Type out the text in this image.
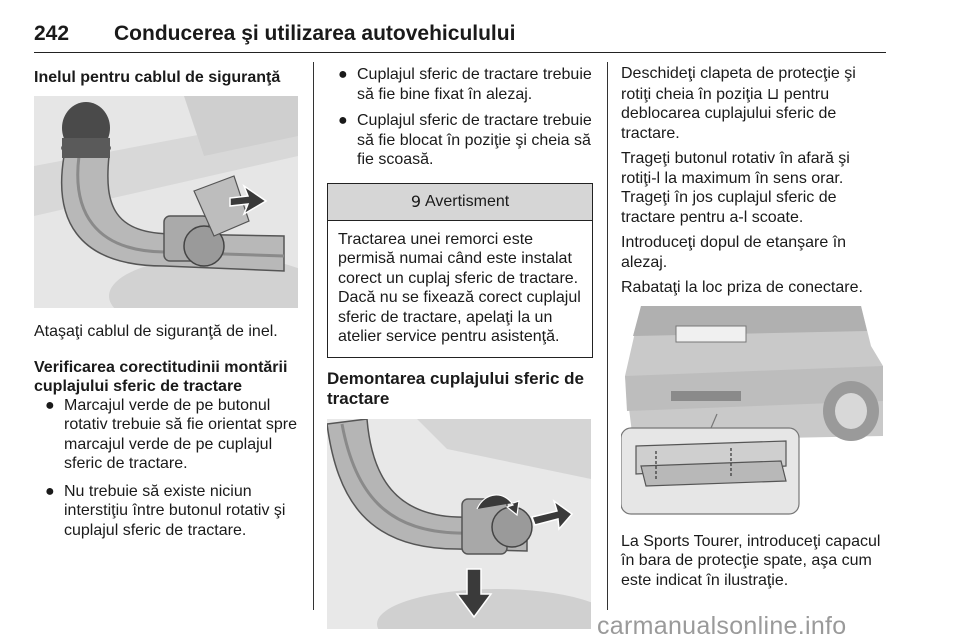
242 Conducerea şi utilizarea autovehiculului

Inelul pentru cablul de siguranţă

Ataşaţi cablul de siguranţă de inel.

Verificarea corectitudinii montării cuplajului sferic de tractare

● Marcajul verde de pe butonul rotativ trebuie să fie orientat spre marcajul verde de pe cuplajul sferic de tractare.
● Nu trebuie să existe niciun interstiţiu între butonul rotativ şi cuplajul sferic de tractare.
● Cuplajul sferic de tractare trebuie să fie bine fixat în alezaj.
● Cuplajul sferic de tractare trebuie să fie blocat în poziţie şi cheia să fie scoasă.
9 Avertisment
Tractarea unei remorci este permisă numai când este instalat corect un cuplaj sferic de tractare. Dacă nu se fixează corect cuplajul sferic de tractare, apelaţi la un atelier service pentru asistenţă.

Demontarea cuplajului sferic de tractare

Deschideţi clapeta de protecţie şi rotiţi cheia în poziţia ⊔ pentru deblocarea cuplajului sferic de tractare.

Trageţi butonul rotativ în afară şi rotiţi-l la maximum în sens orar. Trageţi în jos cuplajul sferic de tractare pentru a-l scoate.

Introduceţi dopul de etanşare în alezaj.

Rabataţi la loc priza de conectare.

La Sports Tourer, introduceţi capacul în bara de protecţie spate, aşa cum este indicat în ilustraţie.

carmanualsonline.info
